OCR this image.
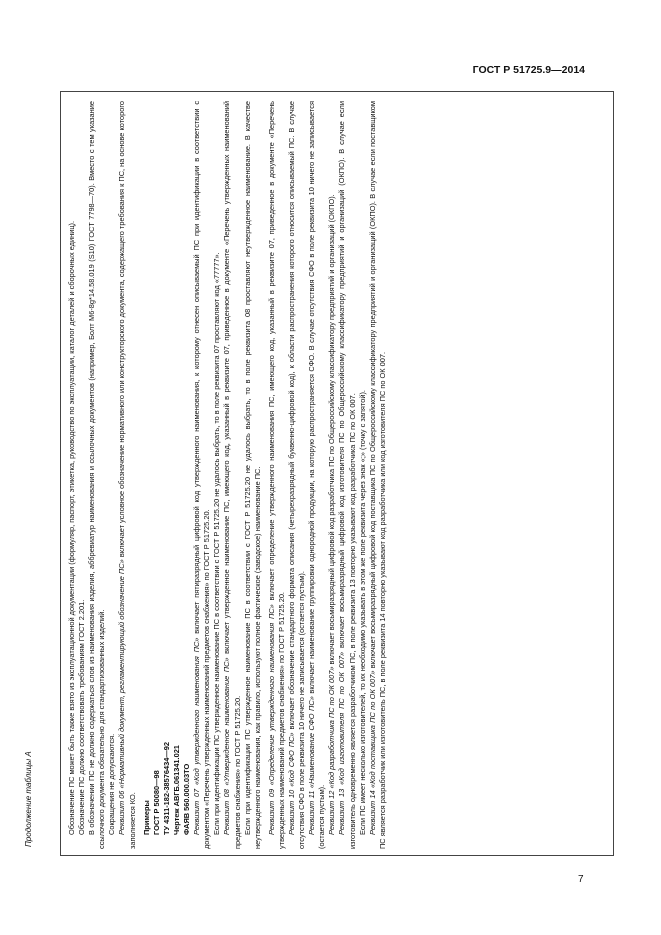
ГОСТ Р 51725.9—2014
Продолжение таблицы А	Обозначение ПС может быть также взято из эксплуатационной документации (формуляр, паспорт, этикетка, руководство по эксплуатации, каталог деталей и сборочных единиц). Обозначение ПС должно соответствовать требованиям ГОСТ 2.201. В обозначении ПС не должно содержаться слов из наименования изделия, аббревиатур наименования и ссылочных документов (например, Болт М6-8g*14.58.019 (S10) ГОСТ 7798—70). Вместо с тем указание ссылочного документа обязательно для стандартизованных изделий. Сокращения не допускаются. Реквизит 06 «Нормативный документ, регламентирующий обозначение ПС» включает условное обозначение нормативного или конструкторского документа, содержащего требования к ПС, на основе которого заполняется КО. Примеры ГОСТ Р 50080—98 ТУ 4311-182-38576434—92 Чертеж АВГБ.061341.021 ФАЯВ 560.000.03ТО Реквизит 07 «Код утвержденного наименования ПС» включает пятиразрядный цифровой код утвержденного наименования, к которому отнесен описываемый ПС при идентификации в соответствии с документом «Перечень утвержденных наименований предметов снабжения» по ГОСТ Р 51725.20. Если при идентификации ПС утвержденное наименование ПС в соответствии с ГОСТ Р 51725.20 не удалось выбрать, то в поле реквизита 07 проставляют код «77777». Реквизит 08 «Утвержденное наименование ПС» включает утвержденное наименование ПС, имеющего код, указанный в реквизите 07, приведенное в документе «Перечень утвержденных наименований предметов снабжения» по ГОСТ Р 51725.20. Если при идентификации ПС утвержденное наименование ПС в соответствии с ГОСТ Р 51725.20 не удалось выбрать, то в поле реквизита 08 проставляют неутвержденное наименование. В качестве неутвержденного наименования, как правило, используют полное фактическое (заводское) наименование ПС. Реквизит 09 «Определение утвержденного наименования ПС» включает определение утвержденного наименования ПС, имеющего код, указанный в реквизите 07, приведенное в документе «Перечень утвержденных наименований предметов снабжения» по ГОСТ Р 51725.20. Реквизит 10 «Код СФО ПС» включает обозначение стандартного формата описания (четырехразрядный буквенно-цифровой код), к области распространения которого относится описываемый ПС. В случае отсутствия СФО в поле реквизита 10 ничего не записывается (остается пустым). Реквизит 11 «Наименование СФО ПС» включает наименование группировки однородной продукции, на которую распространяется СФО. В случае отсутствия СФО в поле реквизита 10 ничего не записывается (остается пустым). Реквизит 12 «Код разработчика ПС по ОК 007» включает восьмиразрядный цифровой код разработчика ПС по Общероссийскому классификатору предприятий и организаций (ОКПО).

Реквизит 13 «Код изготовителя ПС по ОК 007» включает восьмиразрядный цифровой код изготовителя ПС по Общероссийскому классификатору предприятий и организаций (ОКПО). В случае если изготовитель одновременно является разработчиком ПС, в поле реквизита 13 повторно указывают код разработчика ПС по ОК 007. Если ПС имеет несколько изготовителей, то их необходимо указывать в этом же поле реквизита через знак «;» (точку с запятой). Реквизит 14 «Код поставщика ПС по ОК 007» включает восьмиразрядный цифровой код поставщика ПС по Общероссийскому классификатору предприятий и организаций (ОКПО). В случае если поставщиком ПС является разработчик или изготовитель ПС, в поле реквизита 14 повторно указывают код разработчика или код изготовителя ПС по ОК 007.

7
